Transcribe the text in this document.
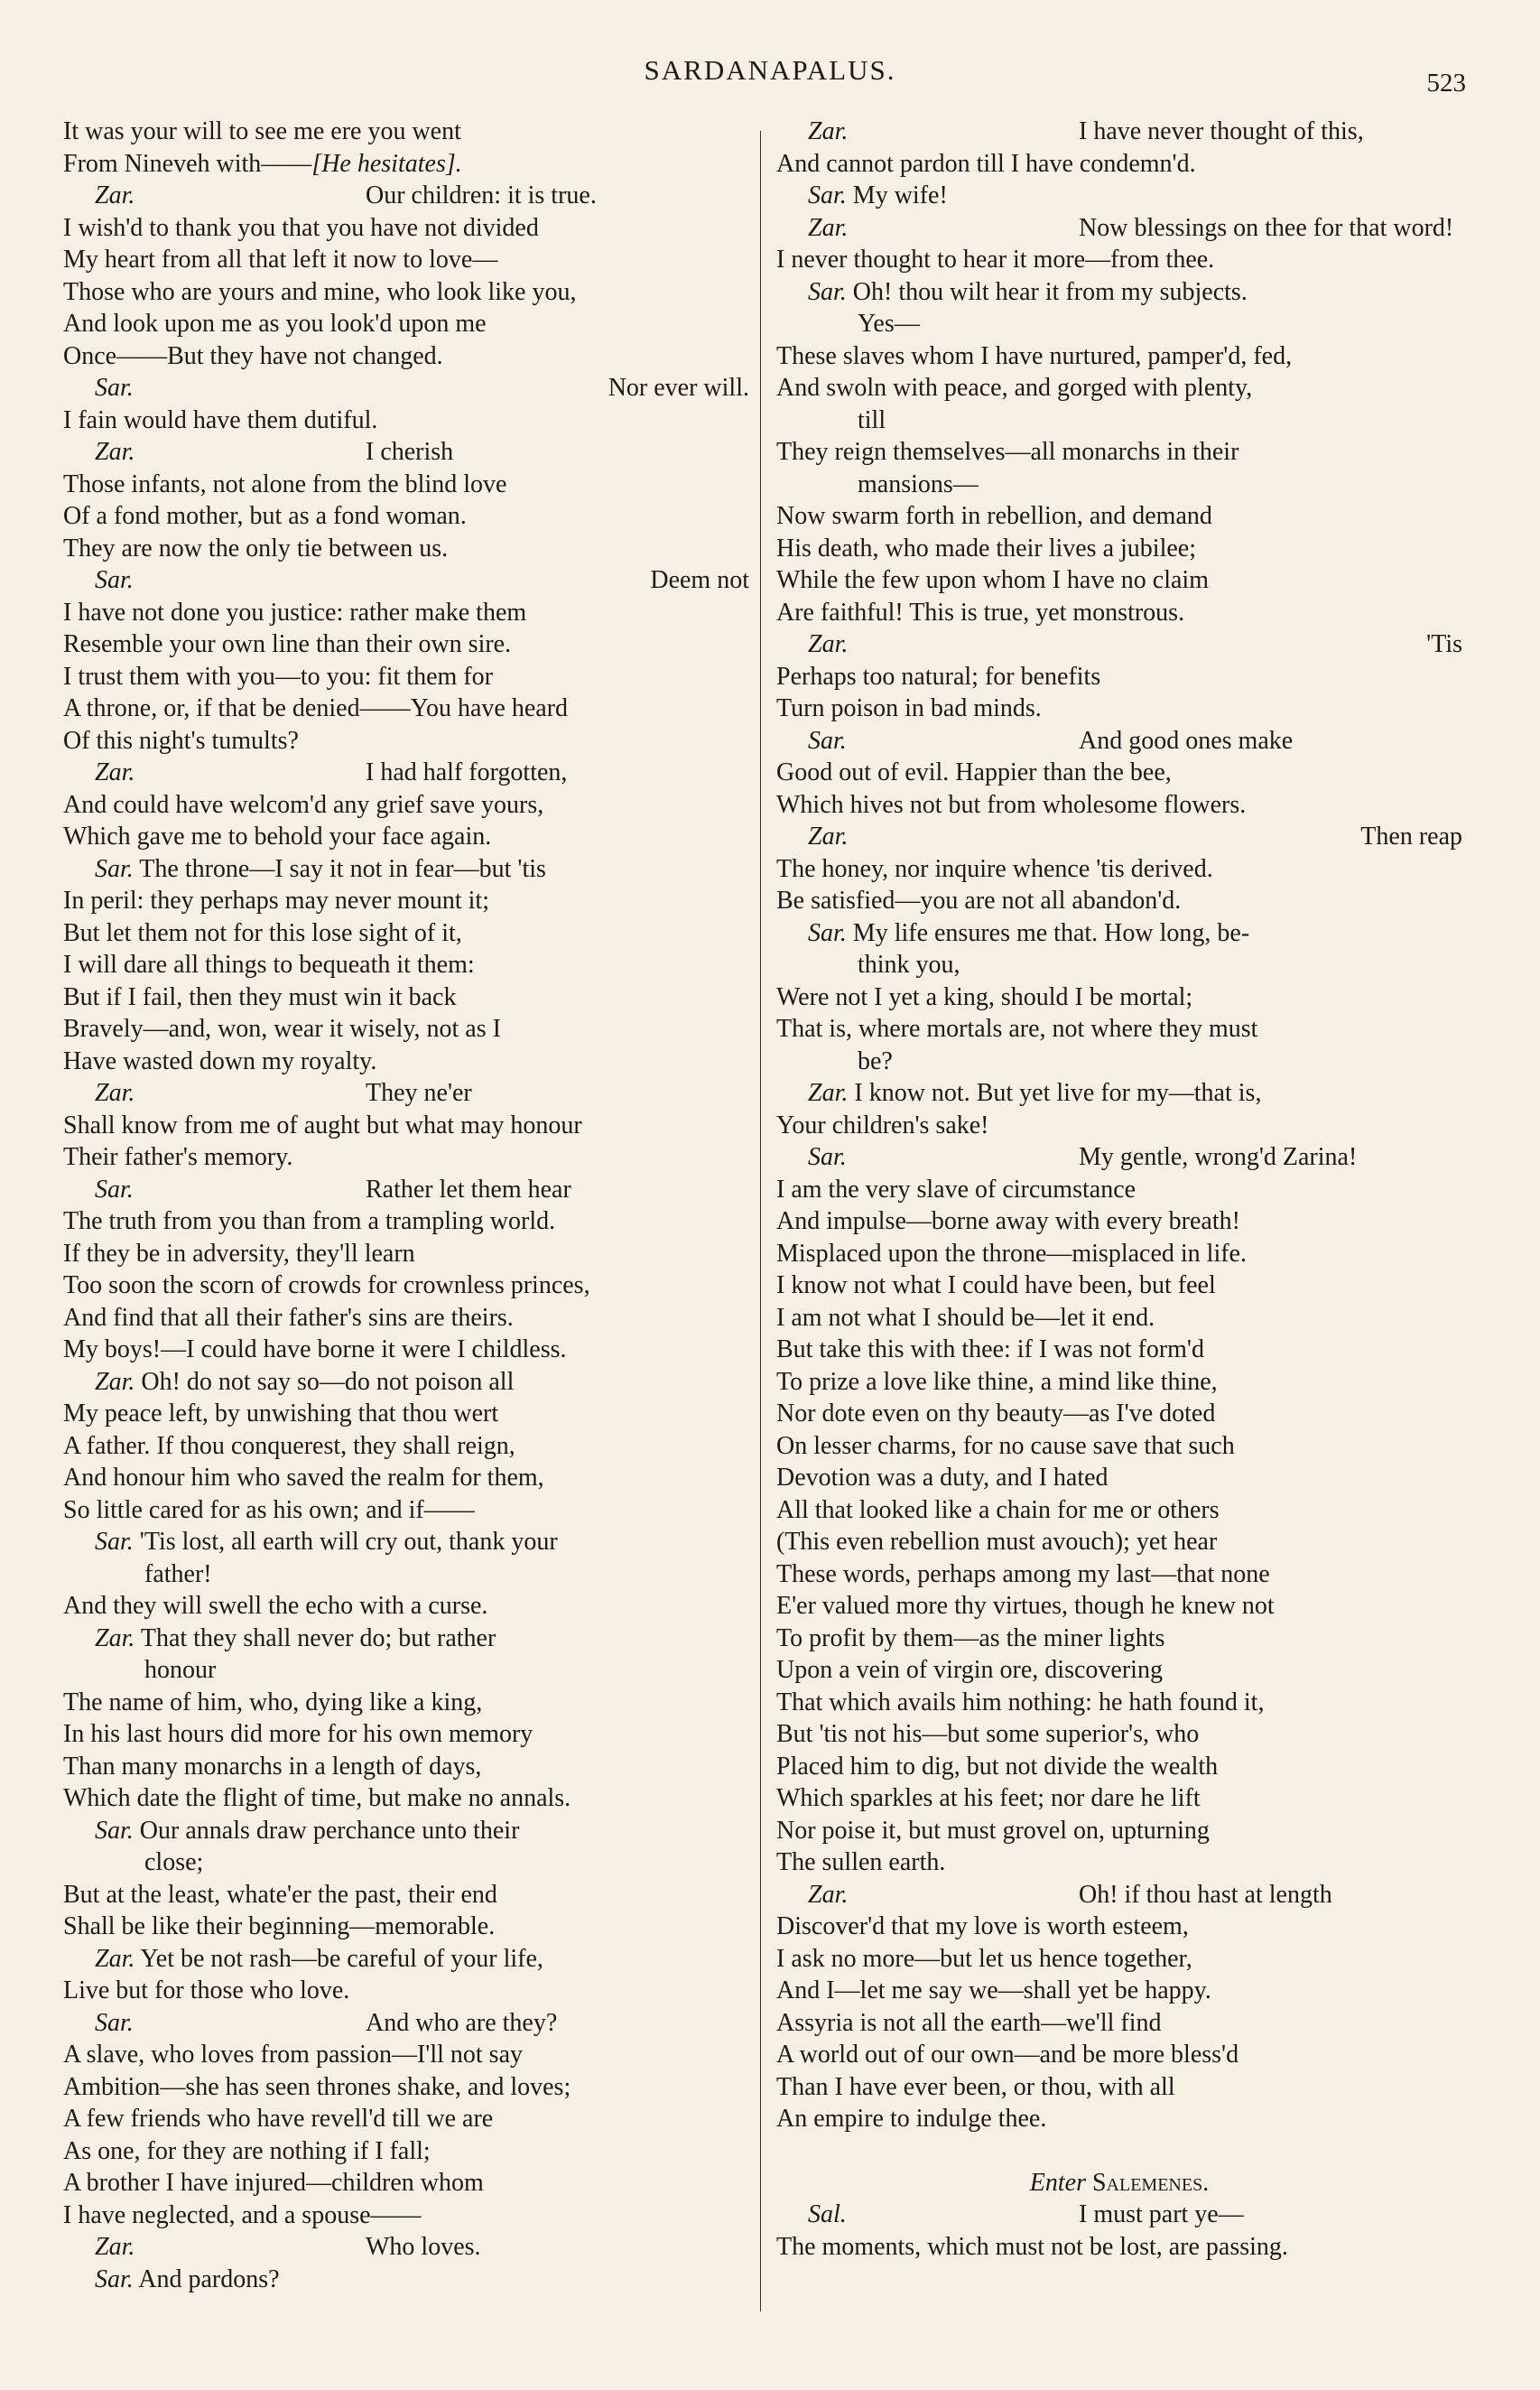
SARDANAPALUS.	523
It was your will to see me ere you went
From Nineveh with——[He hesitates].
Zar.	Our children: it is true.
I wish'd to thank you that you have not divided
My heart from all that left it now to love—
Those who are yours and mine, who look like you,
And look upon me as you look'd upon me
Once——But they have not changed.
Sar.	Nor ever will.
I fain would have them dutiful.
Zar.	I cherish
Those infants, not alone from the blind love
Of a fond mother, but as a fond woman.
They are now the only tie between us.
Sar.	Deem not
I have not done you justice: rather make them
Resemble your own line than their own sire.
I trust them with you—to you: fit them for
A throne, or, if that be denied——You have heard
Of this night's tumults?
Zar.	I had half forgotten,
And could have welcom'd any grief save yours,
Which gave me to behold your face again.
Sar. The throne—I say it not in fear—but 'tis
In peril: they perhaps may never mount it;
But let them not for this lose sight of it,
I will dare all things to bequeath it them:
But if I fail, then they must win it back
Bravely—and, won, wear it wisely, not as I
Have wasted down my royalty.
Zar.	They ne'er
Shall know from me of aught but what may honour
Their father's memory.
Sar.	Rather let them hear
The truth from you than from a trampling world.
If they be in adversity, they'll learn
Too soon the scorn of crowds for crownless princes,
And find that all their father's sins are theirs.
My boys!—I could have borne it were I childless.
Zar. Oh! do not say so—do not poison all
My peace left, by unwishing that thou wert
A father. If thou conquerest, they shall reign,
And honour him who saved the realm for them,
So little cared for as his own; and if——
Sar. 'Tis lost, all earth will cry out, thank your
father!
And they will swell the echo with a curse.
Zar. That they shall never do; but rather
honour
The name of him, who, dying like a king,
In his last hours did more for his own memory
Than many monarchs in a length of days,
Which date the flight of time, but make no annals.
Sar. Our annals draw perchance unto their
close;
But at the least, whate'er the past, their end
Shall be like their beginning—memorable.
Zar. Yet be not rash—be careful of your life,
Live but for those who love.
Sar.	And who are they?
A slave, who loves from passion—I'll not say
Ambition—she has seen thrones shake, and loves;
A few friends who have revell'd till we are
As one, for they are nothing if I fall;
A brother I have injured—children whom
I have neglected, and a spouse——
Zar.	Who loves.
Sar. And pardons?
Zar.	I have never thought of this,
And cannot pardon till I have condemn'd.
Sar. My wife!
Zar.	Now blessings on thee for that word!
I never thought to hear it more—from thee.
Sar. Oh! thou wilt hear it from my subjects.
Yes—
These slaves whom I have nurtured, pamper'd, fed,
And swoln with peace, and gorged with plenty,
till
They reign themselves—all monarchs in their
mansions—
Now swarm forth in rebellion, and demand
His death, who made their lives a jubilee;
While the few upon whom I have no claim
Are faithful! This is true, yet monstrous.
Zar.	'Tis
Perhaps too natural; for benefits
Turn poison in bad minds.
Sar.	And good ones make
Good out of evil. Happier than the bee,
Which hives not but from wholesome flowers.
Zar.	Then reap
The honey, nor inquire whence 'tis derived.
Be satisfied—you are not all abandon'd.
Sar. My life ensures me that. How long, be-
think you,
Were not I yet a king, should I be mortal;
That is, where mortals are, not where they must
be?
Zar. I know not. But yet live for my—that is,
Your children's sake!
Sar.	My gentle, wrong'd Zarina!
I am the very slave of circumstance
And impulse—borne away with every breath!
Misplaced upon the throne—misplaced in life.
I know not what I could have been, but feel
I am not what I should be—let it end.
But take this with thee: if I was not form'd
To prize a love like thine, a mind like thine,
Nor dote even on thy beauty—as I've doted
On lesser charms, for no cause save that such
Devotion was a duty, and I hated
All that looked like a chain for me or others
(This even rebellion must avouch); yet hear
These words, perhaps among my last—that none
E'er valued more thy virtues, though he knew not
To profit by them—as the miner lights
Upon a vein of virgin ore, discovering
That which avails him nothing: he hath found it,
But 'tis not his—but some superior's, who
Placed him to dig, but not divide the wealth
Which sparkles at his feet; nor dare he lift
Nor poise it, but must grovel on, upturning
The sullen earth.
Zar.	Oh! if thou hast at length
Discover'd that my love is worth esteem,
I ask no more—but let us hence together,
And I—let me say we—shall yet be happy.
Assyria is not all the earth—we'll find
A world out of our own—and be more bless'd
Than I have ever been, or thou, with all
An empire to indulge thee.
Enter Salemenes.
Sal.	I must part ye—
The moments, which must not be lost, are passing.
